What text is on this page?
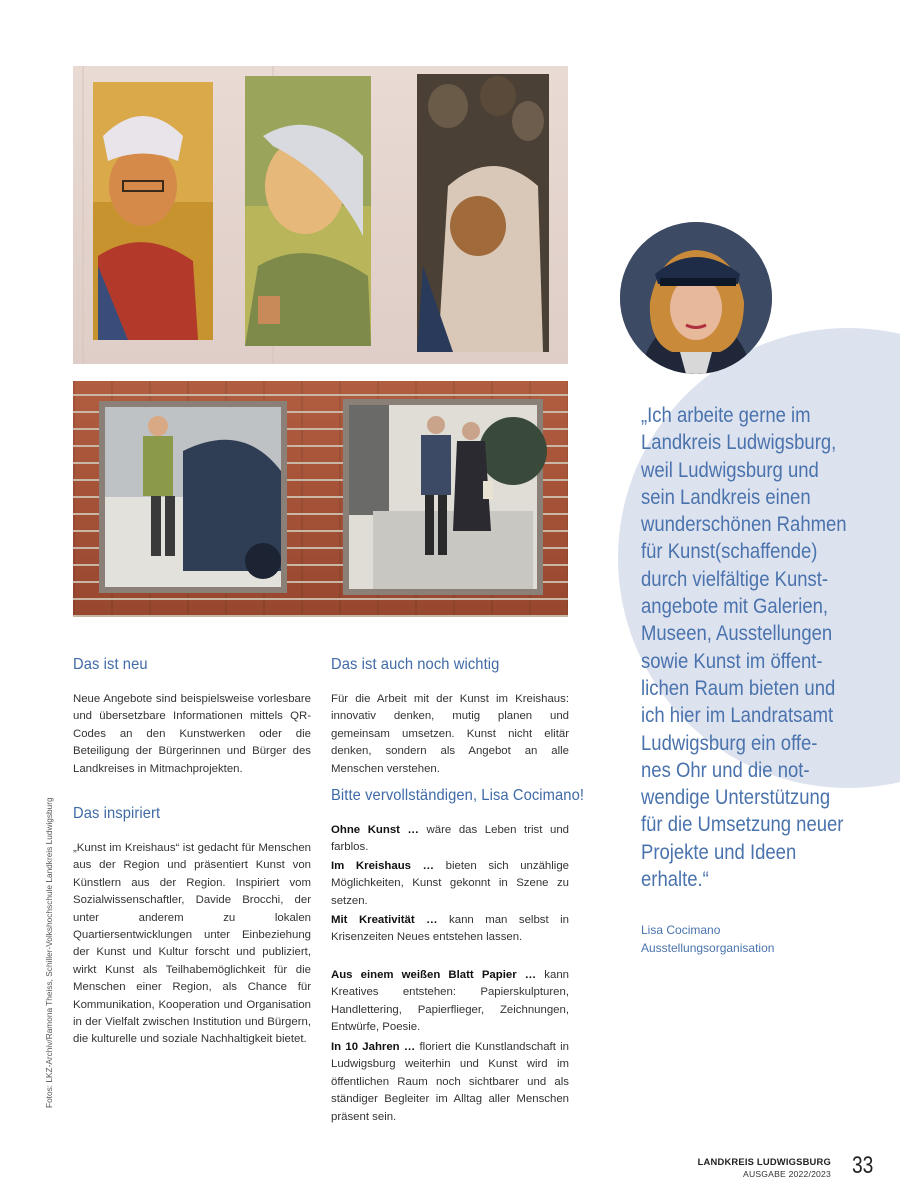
Das ist neu

Neue Angebote sind beispielsweise vorlesbare und übersetzbare Informationen mittels QR-Codes an den Kunstwerken oder die Beteiligung der Bürgerinnen und Bürger des Landkreises in Mitmachprojekten.

Das inspiriert

„Kunst im Kreishaus“ ist gedacht für Menschen aus der Region und präsentiert Kunst von Künstlern aus der Region. Inspiriert vom Sozialwissenschaftler, Davide Brocchi, der unter anderem zu lokalen Quartiersentwicklungen unter Einbeziehung der Kunst und Kultur forscht und publiziert, wirkt Kunst als Teilhabemöglichkeit für die Menschen einer Region, als Chance für Kommunikation, Kooperation und Organisation in der Vielfalt zwischen Institution und Bürgern, die kulturelle und soziale Nachhaltigkeit bietet.

Das ist auch noch wichtig

Für die Arbeit mit der Kunst im Kreishaus: innovativ denken, mutig planen und gemeinsam umsetzen. Kunst nicht elitär denken, sondern als Angebot an alle Menschen verstehen.

Bitte vervollständigen, Lisa Cocimano!

Ohne Kunst … wäre das Leben trist und farblos.

Im Kreishaus … bieten sich unzählige Möglichkeiten, Kunst gekonnt in Szene zu setzen.

Mit Kreativität … kann man selbst in Krisenzeiten Neues entstehen lassen.

Aus einem weißen Blatt Papier … kann Kreatives entstehen: Papierskulpturen, Handlettering, Papierflieger, Zeichnungen, Entwürfe, Poesie.

In 10 Jahren … floriert die Kunstlandschaft in Ludwigsburg weiterhin und Kunst wird im öffentlichen Raum noch sichtbarer und als ständiger Begleiter im Alltag aller Menschen präsent sein.

„Ich arbeite gerne im
Landkreis Ludwigsburg,
weil Ludwigsburg und
sein Landkreis einen
wunderschönen Rahmen
für Kunst(schaffende)
durch vielfältige Kunst-
angebote mit Galerien,
Museen, Ausstellungen
sowie Kunst im öffent-
lichen Raum bieten und
ich hier im Landratsamt
Ludwigsburg ein offe-
nes Ohr und die not-
wendige Unterstützung
für die Umsetzung neuer
Projekte und Ideen
erhalte.“
Lisa Cocimano
Ausstellungsorganisation
Fotos: LKZ-Archiv/Ramona Theiss, Schiller-Volkshochschule Landkreis Ludwigsburg
LANDKREIS LUDWIGSBURG
AUSGABE 2022/2023 33
